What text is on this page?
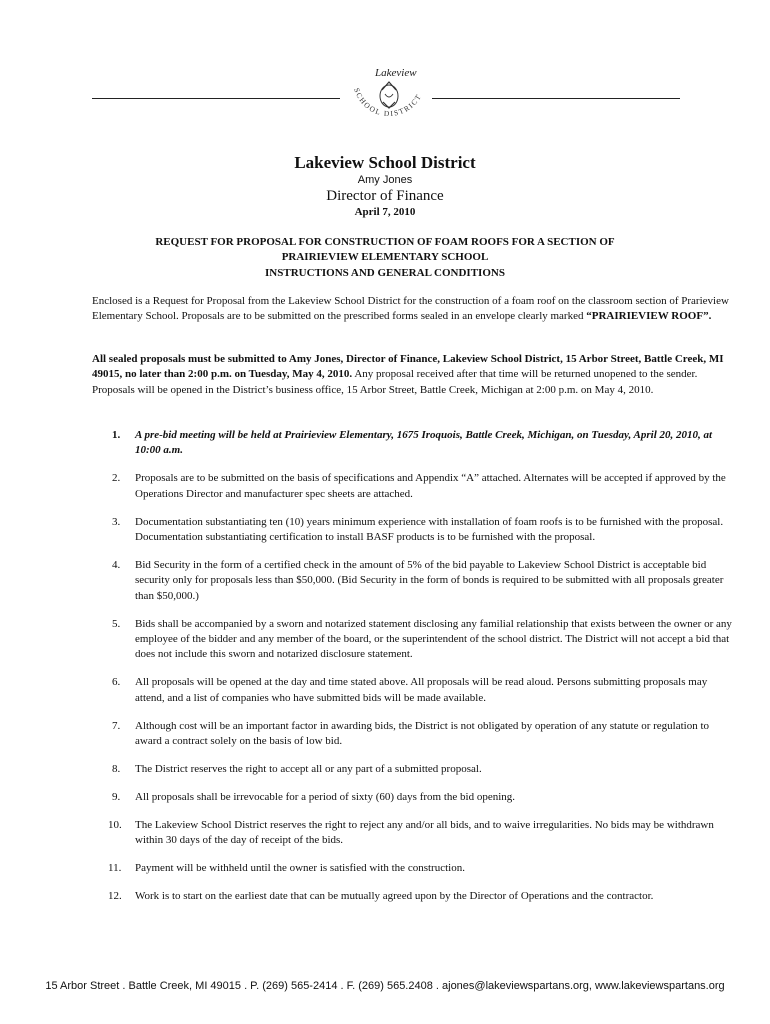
Lakeview
SCHOOL DISTRICT
Lakeview School District
Amy Jones
Director of Finance
April 7, 2010
REQUEST FOR PROPOSAL FOR CONSTRUCTION OF FOAM ROOFS FOR A SECTION OF
PRAIRIEVIEW ELEMENTARY SCHOOL
INSTRUCTIONS AND GENERAL CONDITIONS
Enclosed is a Request for Proposal from the Lakeview School District for the construction of a foam roof on the classroom section of Prarieview Elementary School. Proposals are to be submitted on the prescribed forms sealed in an envelope clearly marked “PRAIRIEVIEW ROOF”.
All sealed proposals must be submitted to Amy Jones, Director of Finance, Lakeview School District, 15 Arbor Street, Battle Creek, MI 49015, no later than 2:00 p.m. on Tuesday, May 4, 2010. Any proposal received after that time will be returned unopened to the sender. Proposals will be opened in the District’s business office, 15 Arbor Street, Battle Creek, Michigan at 2:00 p.m. on May 4, 2010.
1.	A pre-bid meeting will be held at Prairieview Elementary, 1675 Iroquois, Battle Creek, Michigan, on Tuesday, April 20, 2010, at 10:00 a.m.
2.	Proposals are to be submitted on the basis of specifications and Appendix “A” attached. Alternates will be accepted if approved by the Operations Director and manufacturer spec sheets are attached.
3.	Documentation substantiating ten (10) years minimum experience with installation of foam roofs is to be furnished with the proposal. Documentation substantiating certification to install BASF products is to be furnished with the proposal.
4.	Bid Security in the form of a certified check in the amount of 5% of the bid payable to Lakeview School District is acceptable bid security only for proposals less than $50,000. (Bid Security in the form of bonds is required to be submitted with all proposals greater than $50,000.)
5.	Bids shall be accompanied by a sworn and notarized statement disclosing any familial relationship that exists between the owner or any employee of the bidder and any member of the board, or the superintendent of the school district. The District will not accept a bid that does not include this sworn and notarized disclosure statement.
6.	All proposals will be opened at the day and time stated above. All proposals will be read aloud. Persons submitting proposals may attend, and a list of companies who have submitted bids will be made available.
7.	Although cost will be an important factor in awarding bids, the District is not obligated by operation of any statute or regulation to award a contract solely on the basis of low bid.
8.	The District reserves the right to accept all or any part of a submitted proposal.
9.	All proposals shall be irrevocable for a period of sixty (60) days from the bid opening.
10.	The Lakeview School District reserves the right to reject any and/or all bids, and to waive irregularities. No bids may be withdrawn within 30 days of the day of receipt of the bids.
11.	Payment will be withheld until the owner is satisfied with the construction.
12.	Work is to start on the earliest date that can be mutually agreed upon by the Director of Operations and the contractor.
15 Arbor Street . Battle Creek, MI 49015 . P. (269) 565-2414 . F. (269) 565.2408 . ajones@lakeviewspartans.org, www.lakeviewspartans.org
